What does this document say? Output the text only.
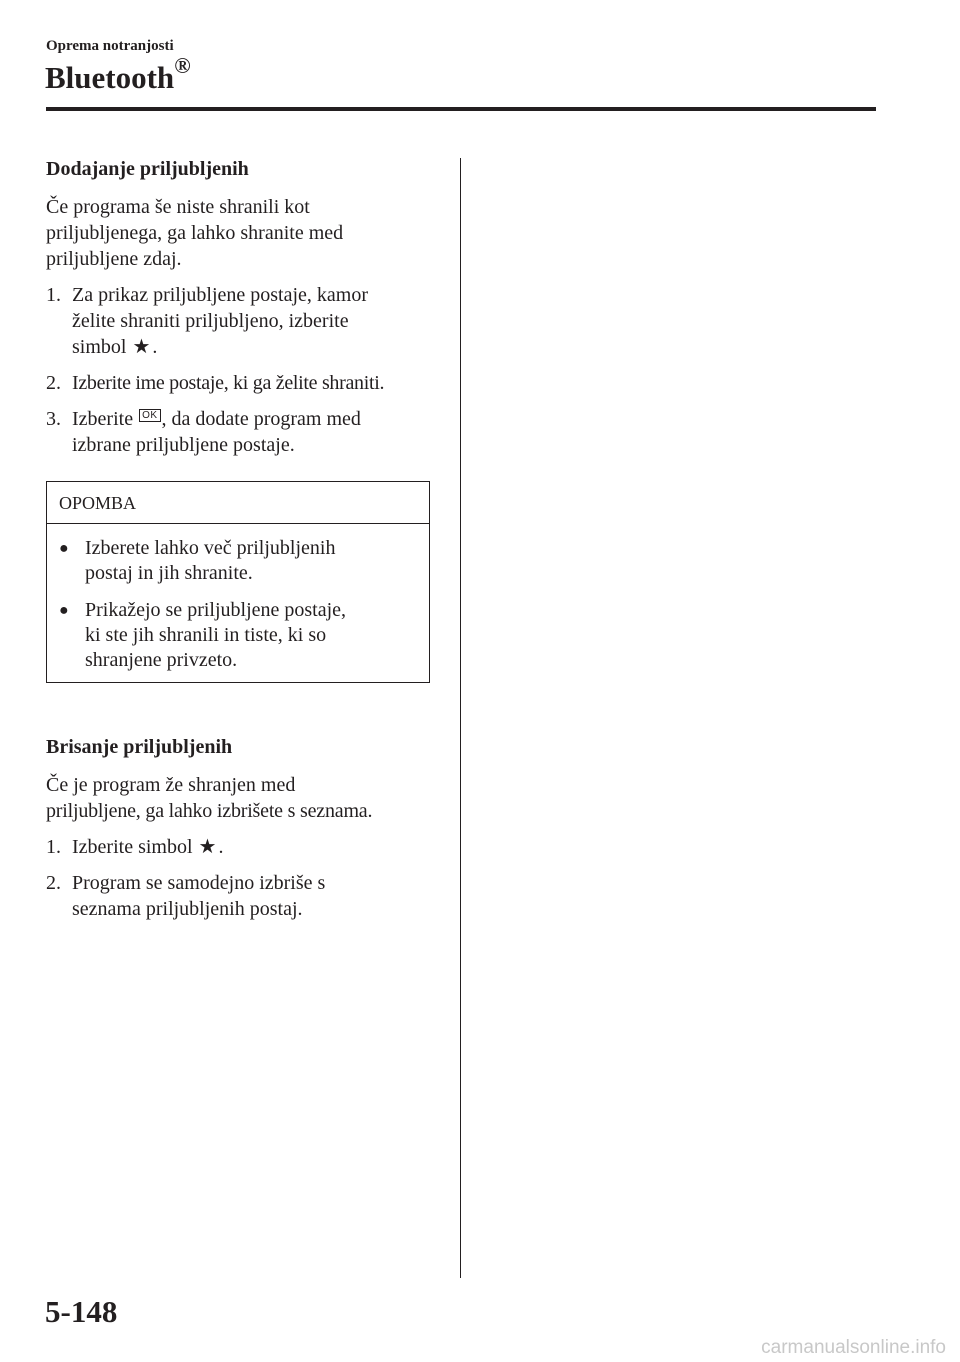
Oprema notranjosti
Bluetooth®

Dodajanje priljubljenih

Če programa še niste shranili kot

priljubljenega, ga lahko shranite med

priljubljene zdaj.

1. Za prikaz priljubljene postaje, kamor

želite shraniti priljubljeno, izberite

simbol ★ .

2. Izberite ime postaje, ki ga želite shraniti.
3. Izberite OK , da dodate program med

izbrane priljubljene postaje.

OPOMBA
● Izberete lahko več priljubljenih

postaj in jih shranite.

● Prikažejo se priljubljene postaje,

ki ste jih shranili in tiste, ki so

shranjene privzeto.

Brisanje priljubljenih

Če je program že shranjen med

priljubljene, ga lahko izbrišete s seznama.

1. Izberite simbol ★ .
2. Program se samodejno izbriše s

seznama priljubljenih postaj.

5-148
carmanualsonline.info
